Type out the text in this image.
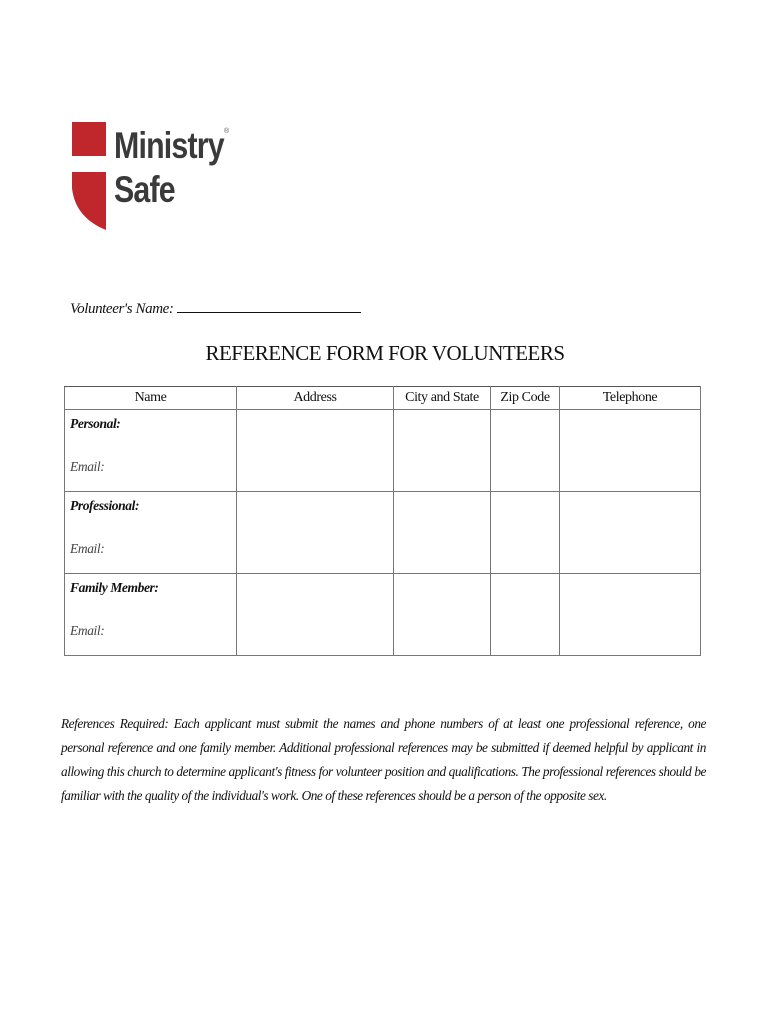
Ministry
Safe
®
Volunteer's Name:
REFERENCE FORM FOR VOLUNTEERS
Name	Address	City and State	Zip Code	Telephone

Personal:
Email:				

Professional:
Email:				

Family Member:
Email:				

References Required: Each applicant must submit the names and phone numbers of at least one professional reference, one personal reference and one family member. Additional professional references may be submitted if deemed helpful by applicant in allowing this church to determine applicant's fitness for volunteer position and qualifications. The professional references should be familiar with the quality of the individual's work. One of these references should be a person of the opposite sex.
